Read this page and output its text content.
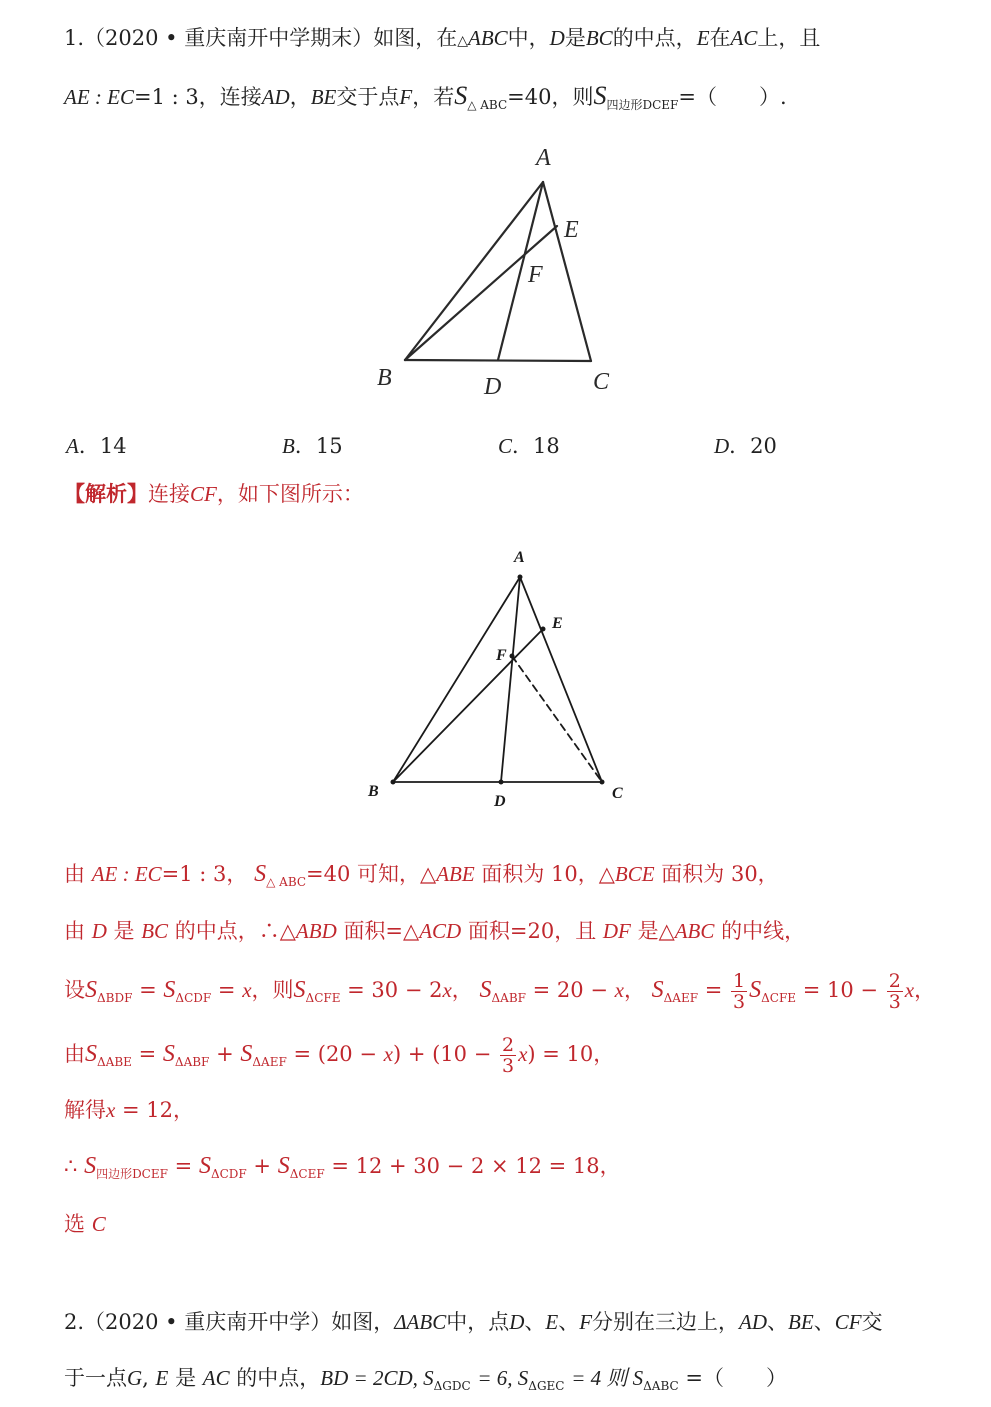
1.（2020 • 重庆南开中学期末）如图，在△ABC中，D是BC的中点，E在AC上，且
AE : EC=1 : 3，连接AD，BE交于点F，若$S_{\triangle ABC}=40$，则$S_{四边形DCEF}=$（　　）.
A
E
F
B	D	C
A．14	B．15	C．18	D．20
【解析】连接CF，如下图所示：
A
E
F
B
D	C
由 AE : EC=1 : 3， $S_{\triangle ABC}=40$ 可知，△ABE 面积为 10，△BCE 面积为 30，
由 D 是 BC 的中点，∴△ABD 面积=△ACD 面积=20，且 DF 是△ABC 的中线，
设$S_{\Delta BDF} = S_{\Delta CDF} = x$，则$S_{\Delta CFE} = 30 - 2x$， $S_{\Delta ABF} = 20 - x$， $S_{\Delta AEF} = \frac{1}{3} S_{\Delta CFE} = 10 - \frac{2}{3}$ x，
由$S_{\Delta ABE} = S_{\Delta ABF} + S_{\Delta AEF} = (20 - x) + (10 - \frac{2}{3} x) = 10$，
解得x = 12，
∴ $S_{四边形DCEF} = S_{\Delta CDF} + S_{\Delta CEF} = 12 + 30 - 2 \times 12 = 18$，
选 C
2.（2020 • 重庆南开中学）如图，ΔABC中，点D、E、F分别在三边上，AD、BE、CF交
于一点G, E 是 AC 的中点，BD = 2CD, $S_{\Delta GDC} = 6$, $S_{\Delta GEC} = 4$ 则 $S_{\Delta ABC}$ =（　　）
